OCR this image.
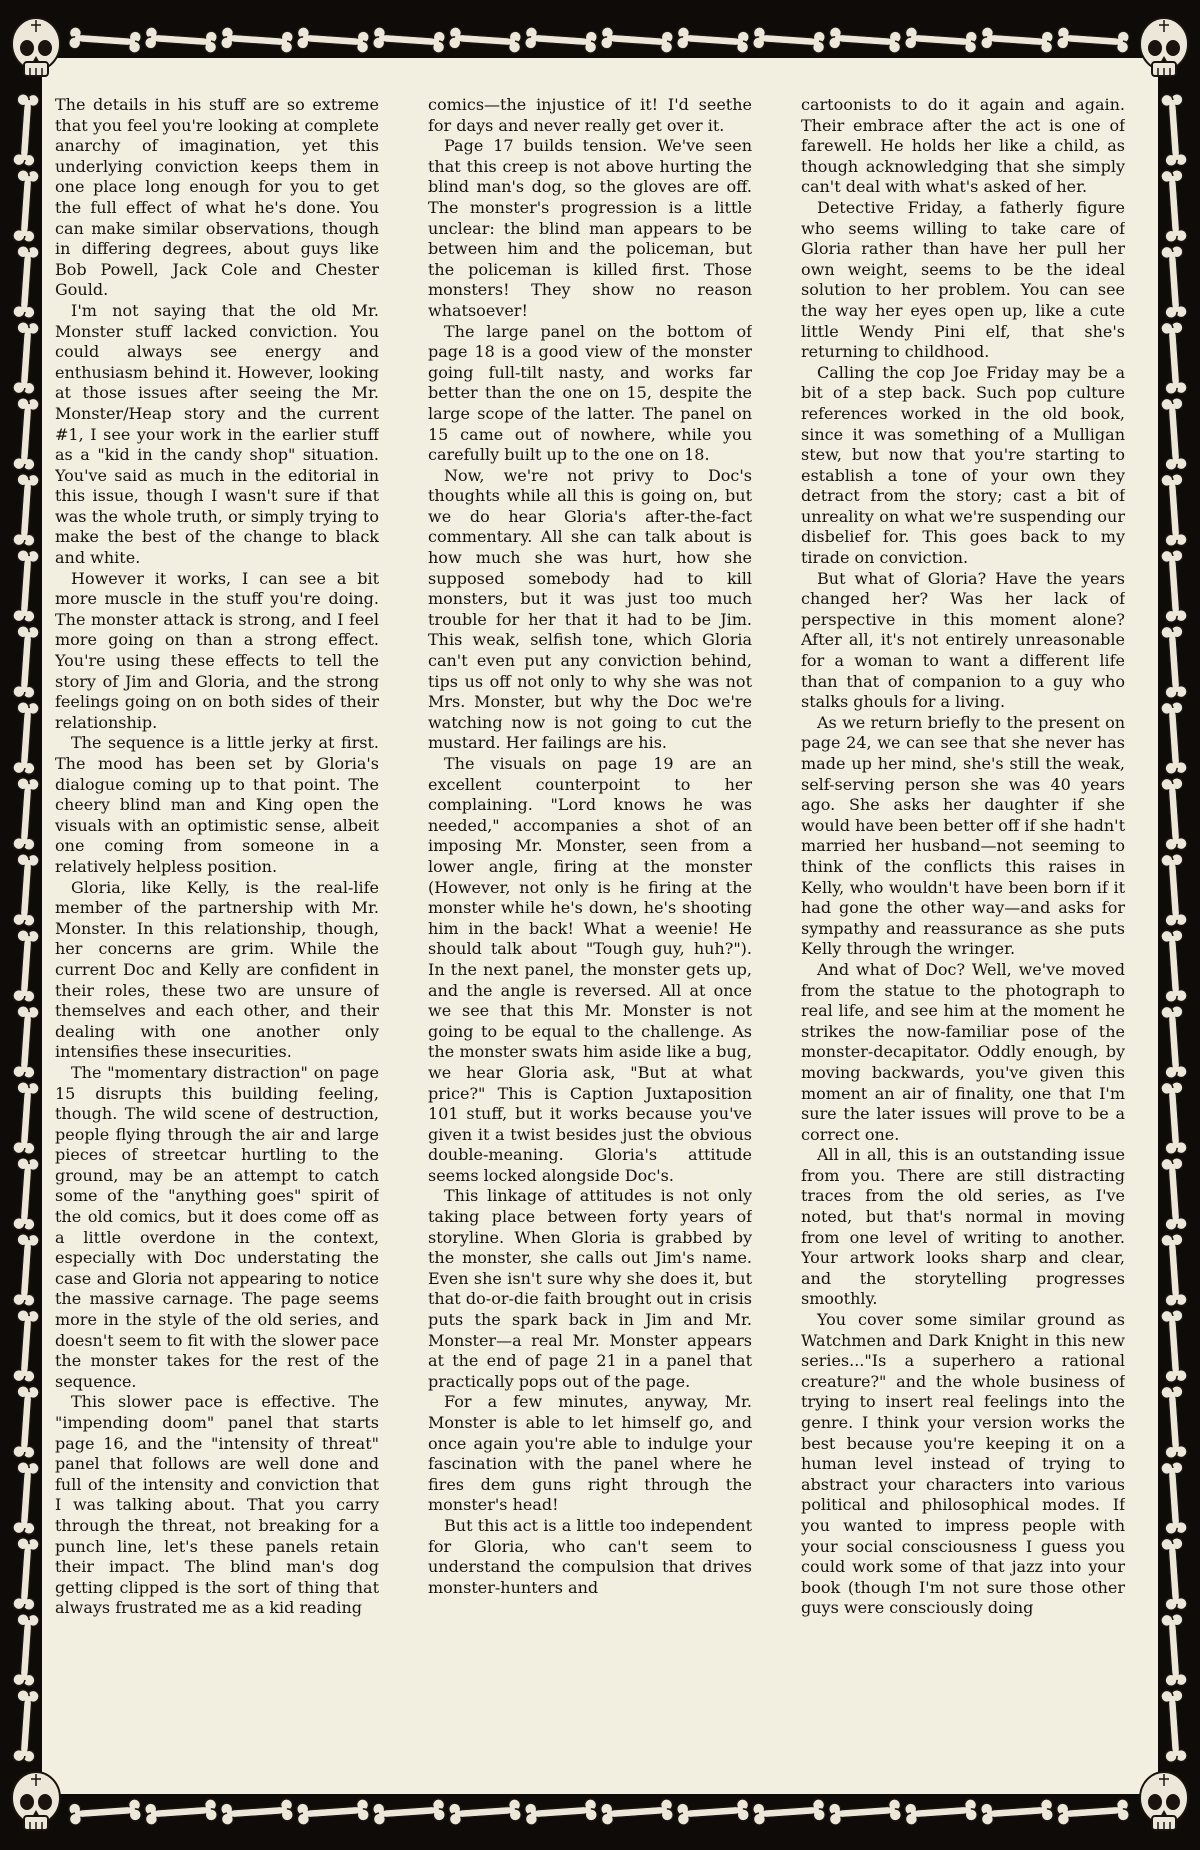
The details in his stuff are so extreme that you feel you're looking at complete anarchy of imagination, yet this underlying conviction keeps them in one place long enough for you to get the full effect of what he's done. You can make similar observations, though in differing degrees, about guys like Bob Powell, Jack Cole and Chester Gould.

I'm not saying that the old Mr. Monster stuff lacked conviction. You could always see energy and enthusiasm behind it. However, looking at those issues after seeing the Mr. Monster/Heap story and the current #1, I see your work in the earlier stuff as a "kid in the candy shop" situation. You've said as much in the editorial in this issue, though I wasn't sure if that was the whole truth, or simply trying to make the best of the change to black and white.

However it works, I can see a bit more muscle in the stuff you're doing. The monster attack is strong, and I feel more going on than a strong effect. You're using these effects to tell the story of Jim and Gloria, and the strong feelings going on on both sides of their relationship.

The sequence is a little jerky at first. The mood has been set by Gloria's dialogue coming up to that point. The cheery blind man and King open the visuals with an optimistic sense, albeit one coming from someone in a relatively helpless position.

Gloria, like Kelly, is the real-life member of the partnership with Mr. Monster. In this relationship, though, her concerns are grim. While the current Doc and Kelly are confident in their roles, these two are unsure of themselves and each other, and their dealing with one another only intensifies these insecurities.

The "momentary distraction" on page 15 disrupts this building feeling, though. The wild scene of destruction, people flying through the air and large pieces of streetcar hurtling to the ground, may be an attempt to catch some of the "anything goes" spirit of the old comics, but it does come off as a little overdone in the context, especially with Doc understating the case and Gloria not appearing to notice the massive carnage. The page seems more in the style of the old series, and doesn't seem to fit with the slower pace the monster takes for the rest of the sequence.

This slower pace is effective. The "impending doom" panel that starts page 16, and the "intensity of threat" panel that follows are well done and full of the intensity and conviction that I was talking about. That you carry through the threat, not breaking for a punch line, let's these panels retain their impact. The blind man's dog getting clipped is the sort of thing that always frustrated me as a kid reading

comics—the injustice of it! I'd seethe for days and never really get over it.

Page 17 builds tension. We've seen that this creep is not above hurting the blind man's dog, so the gloves are off. The monster's progression is a little unclear: the blind man appears to be between him and the policeman, but the policeman is killed first. Those monsters! They show no reason whatsoever!

The large panel on the bottom of page 18 is a good view of the monster going full-tilt nasty, and works far better than the one on 15, despite the large scope of the latter. The panel on 15 came out of nowhere, while you carefully built up to the one on 18.

Now, we're not privy to Doc's thoughts while all this is going on, but we do hear Gloria's after-the-fact commentary. All she can talk about is how much she was hurt, how she supposed somebody had to kill monsters, but it was just too much trouble for her that it had to be Jim. This weak, selfish tone, which Gloria can't even put any conviction behind, tips us off not only to why she was not Mrs. Monster, but why the Doc we're watching now is not going to cut the mustard. Her failings are his.

The visuals on page 19 are an excellent counterpoint to her complaining. "Lord knows he was needed," accompanies a shot of an imposing Mr. Monster, seen from a lower angle, firing at the monster (However, not only is he firing at the monster while he's down, he's shooting him in the back! What a weenie! He should talk about "Tough guy, huh?"). In the next panel, the monster gets up, and the angle is reversed. All at once we see that this Mr. Monster is not going to be equal to the challenge. As the monster swats him aside like a bug, we hear Gloria ask, "But at what price?" This is Caption Juxtaposition 101 stuff, but it works because you've given it a twist besides just the obvious double-meaning. Gloria's attitude seems locked alongside Doc's.

This linkage of attitudes is not only taking place between forty years of storyline. When Gloria is grabbed by the monster, she calls out Jim's name. Even she isn't sure why she does it, but that do-or-die faith brought out in crisis puts the spark back in Jim and Mr. Monster—a real Mr. Monster appears at the end of page 21 in a panel that practically pops out of the page.

For a few minutes, anyway, Mr. Monster is able to let himself go, and once again you're able to indulge your fascination with the panel where he fires dem guns right through the monster's head!

But this act is a little too independent for Gloria, who can't seem to understand the compulsion that drives monster-hunters and

cartoonists to do it again and again. Their embrace after the act is one of farewell. He holds her like a child, as though acknowledging that she simply can't deal with what's asked of her.

Detective Friday, a fatherly figure who seems willing to take care of Gloria rather than have her pull her own weight, seems to be the ideal solution to her problem. You can see the way her eyes open up, like a cute little Wendy Pini elf, that she's returning to childhood.

Calling the cop Joe Friday may be a bit of a step back. Such pop culture references worked in the old book, since it was something of a Mulligan stew, but now that you're starting to establish a tone of your own they detract from the story; cast a bit of unreality on what we're suspending our disbelief for. This goes back to my tirade on conviction.

But what of Gloria? Have the years changed her? Was her lack of perspective in this moment alone? After all, it's not entirely unreasonable for a woman to want a different life than that of companion to a guy who stalks ghouls for a living.

As we return briefly to the present on page 24, we can see that she never has made up her mind, she's still the weak, self-serving person she was 40 years ago. She asks her daughter if she would have been better off if she hadn't married her husband—not seeming to think of the conflicts this raises in Kelly, who wouldn't have been born if it had gone the other way—and asks for sympathy and reassurance as she puts Kelly through the wringer.

And what of Doc? Well, we've moved from the statue to the photograph to real life, and see him at the moment he strikes the now-familiar pose of the monster-decapitator. Oddly enough, by moving backwards, you've given this moment an air of finality, one that I'm sure the later issues will prove to be a correct one.

All in all, this is an outstanding issue from you. There are still distracting traces from the old series, as I've noted, but that's normal in moving from one level of writing to another. Your artwork looks sharp and clear, and the storytelling progresses smoothly.

You cover some similar ground as Watchmen and Dark Knight in this new series..."Is a superhero a rational creature?" and the whole business of trying to insert real feelings into the genre. I think your version works the best because you're keeping it on a human level instead of trying to abstract your characters into various political and philosophical modes. If you wanted to impress people with your social consciousness I guess you could work some of that jazz into your book (though I'm not sure those other guys were consciously doing
